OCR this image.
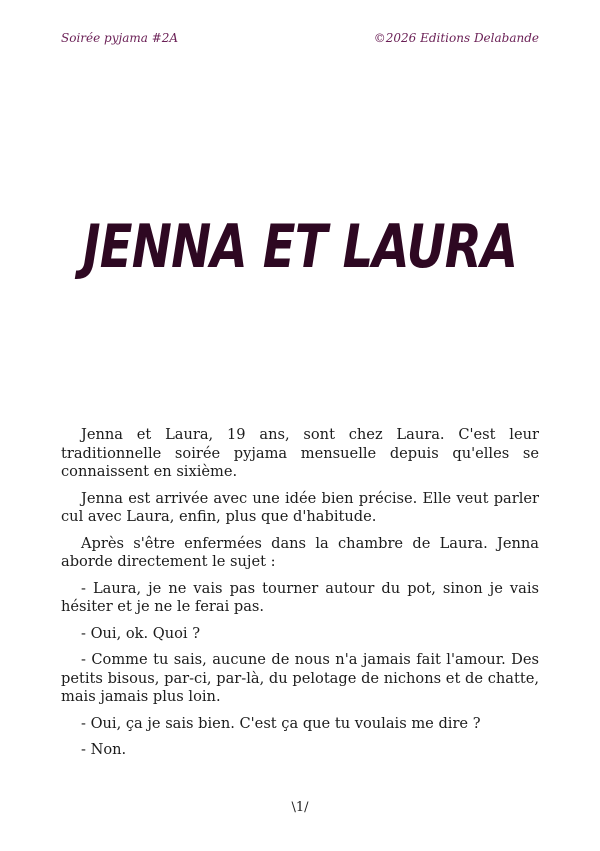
Soirée pyjama #2A	©2026 Editions Delabande
JENNA ET LAURA

Jenna et Laura, 19 ans, sont chez Laura. C'est leur traditionnelle soirée pyjama mensuelle depuis qu'elles se connaissent en sixième.

Jenna est arrivée avec une idée bien précise. Elle veut parler cul avec Laura, enfin, plus que d'habitude.

Après s'être enfermées dans la chambre de Laura. Jenna aborde directement le sujet :

- Laura, je ne vais pas tourner autour du pot, sinon je vais hésiter et je ne le ferai pas.

- Oui, ok. Quoi ?

- Comme tu sais, aucune de nous n'a jamais fait l'amour. Des petits bisous, par-ci, par-là, du pelotage de nichons et de chatte, mais jamais plus loin.

- Oui, ça je sais bien. C'est ça que tu voulais me dire ?

- Non.

\1/
